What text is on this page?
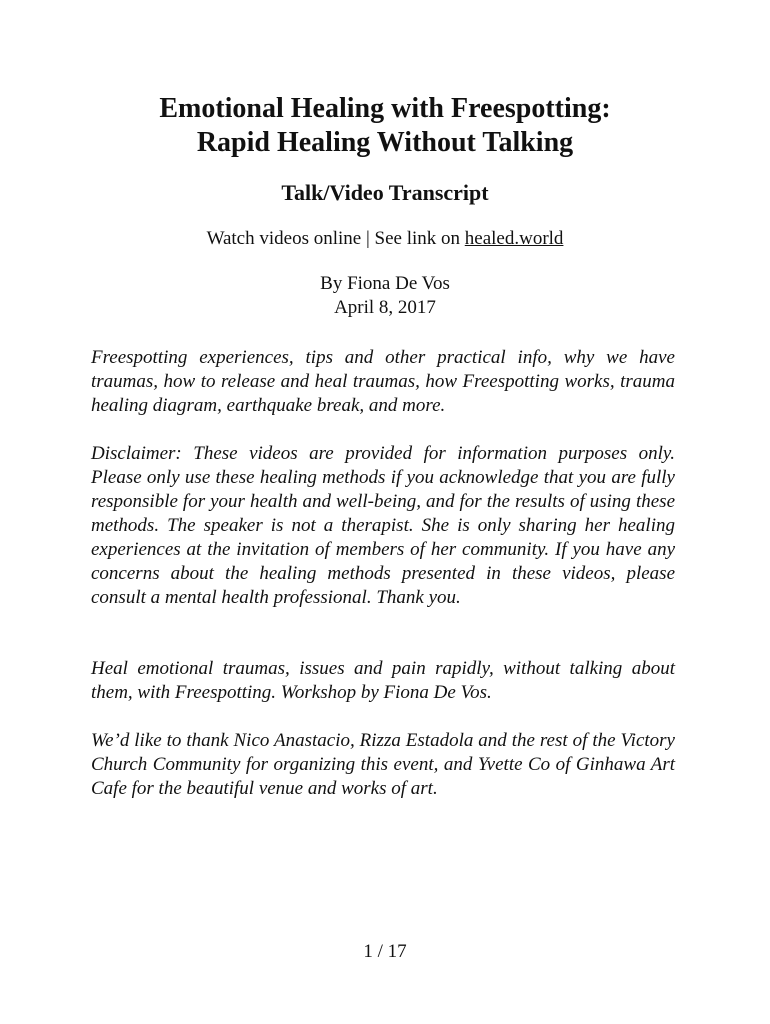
Emotional Healing with Freespotting:
Rapid Healing Without Talking
Talk/Video Transcript
Watch videos online | See link on healed.world
By Fiona De Vos
April 8, 2017

Freespotting experiences, tips and other practical info, why we have traumas, how to release and heal traumas, how Freespotting works, trauma healing diagram, earthquake break, and more.

Disclaimer: These videos are provided for information purposes only. Please only use these healing methods if you acknowledge that you are fully responsible for your health and well-being, and for the results of using these methods. The speaker is not a therapist. She is only sharing her healing experiences at the invitation of members of her community. If you have any concerns about the healing methods presented in these videos, please consult a mental health professional. Thank you.

Heal emotional traumas, issues and pain rapidly, without talking about them, with Freespotting. Workshop by Fiona De Vos.

We’d like to thank Nico Anastacio, Rizza Estadola and the rest of the Victory Church Community for organizing this event, and Yvette Co of Ginhawa Art Cafe for the beautiful venue and works of art.

1 / 17
